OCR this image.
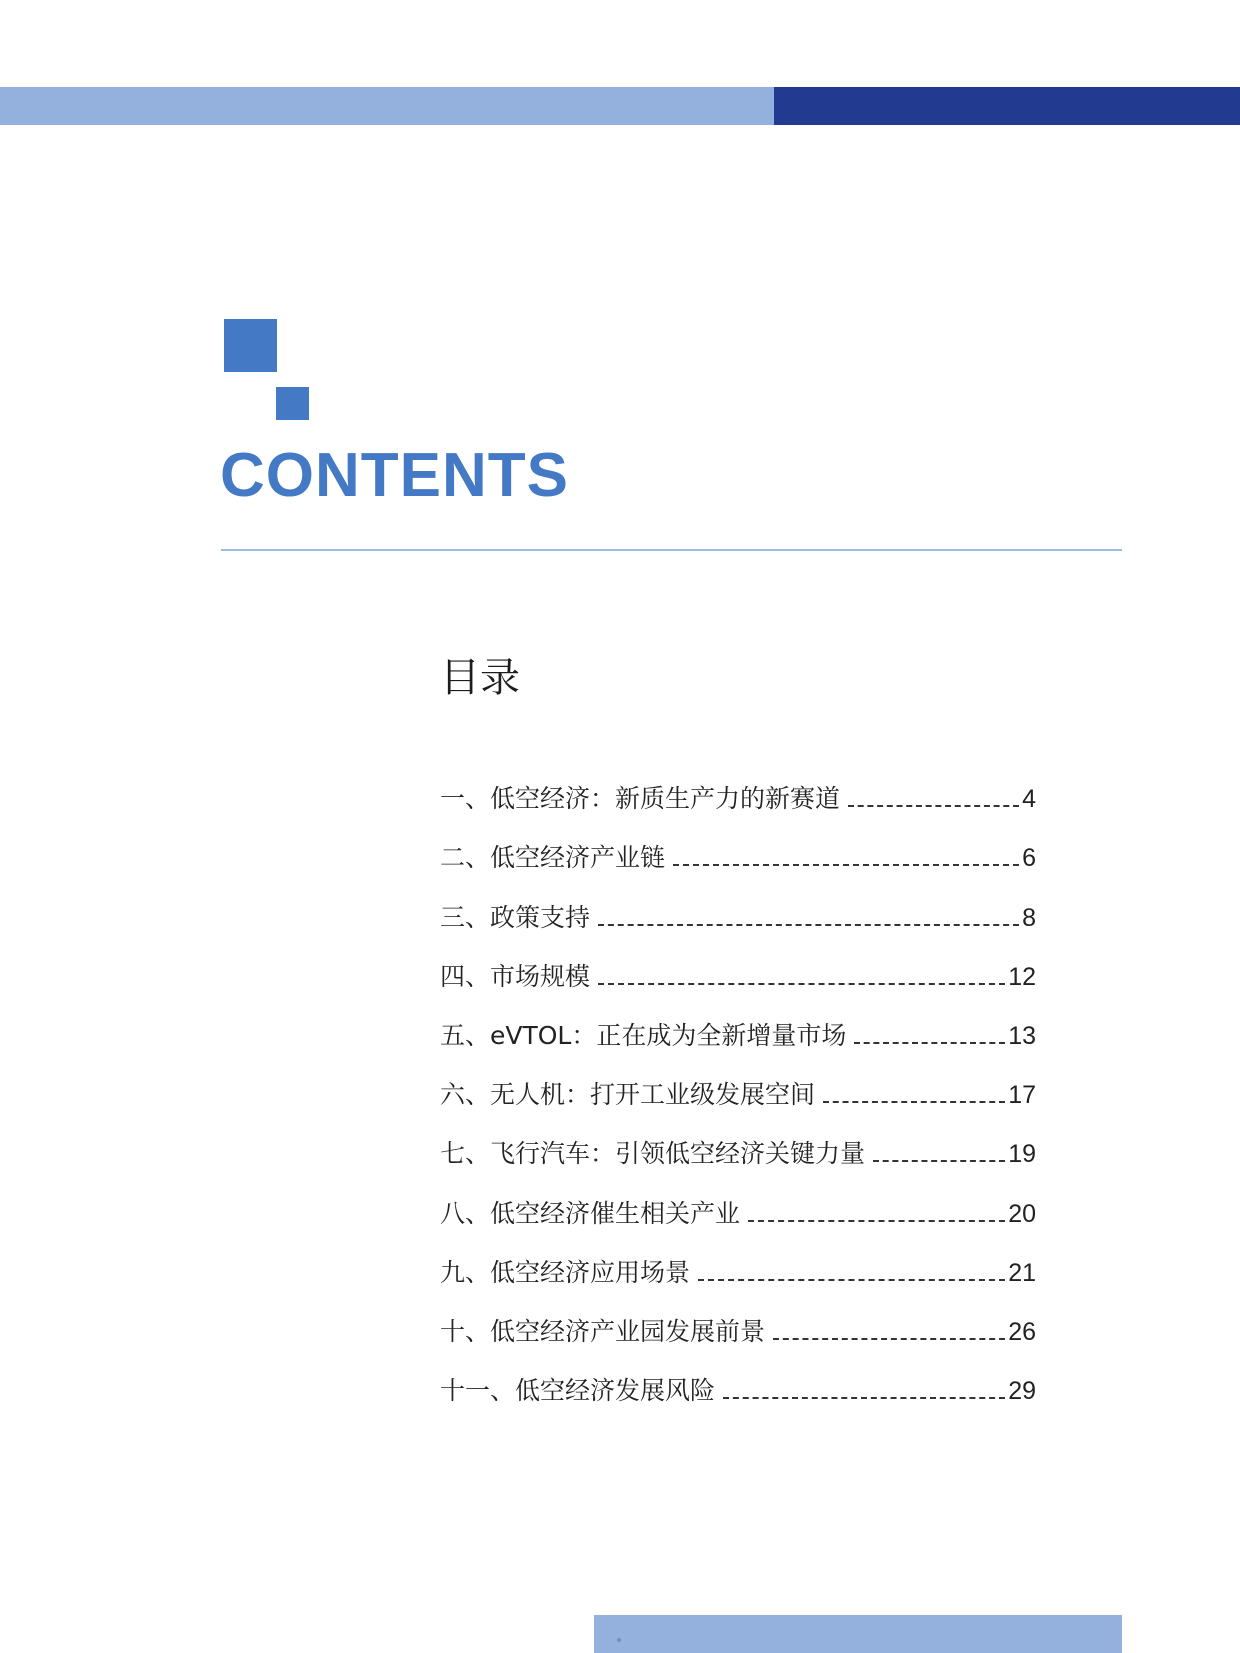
CONTENTS
目录
一、低空经济：新质生产力的新赛道	4
二、低空经济产业链	6
三、政策支持	8
四、市场规模	12
五、eVTOL：正在成为全新增量市场	13
六、无人机：打开工业级发展空间	17
七、飞行汽车：引领低空经济关键力量	19
八、低空经济催生相关产业	20
九、低空经济应用场景	21
十、低空经济产业园发展前景	26
十一、低空经济发展风险	29
